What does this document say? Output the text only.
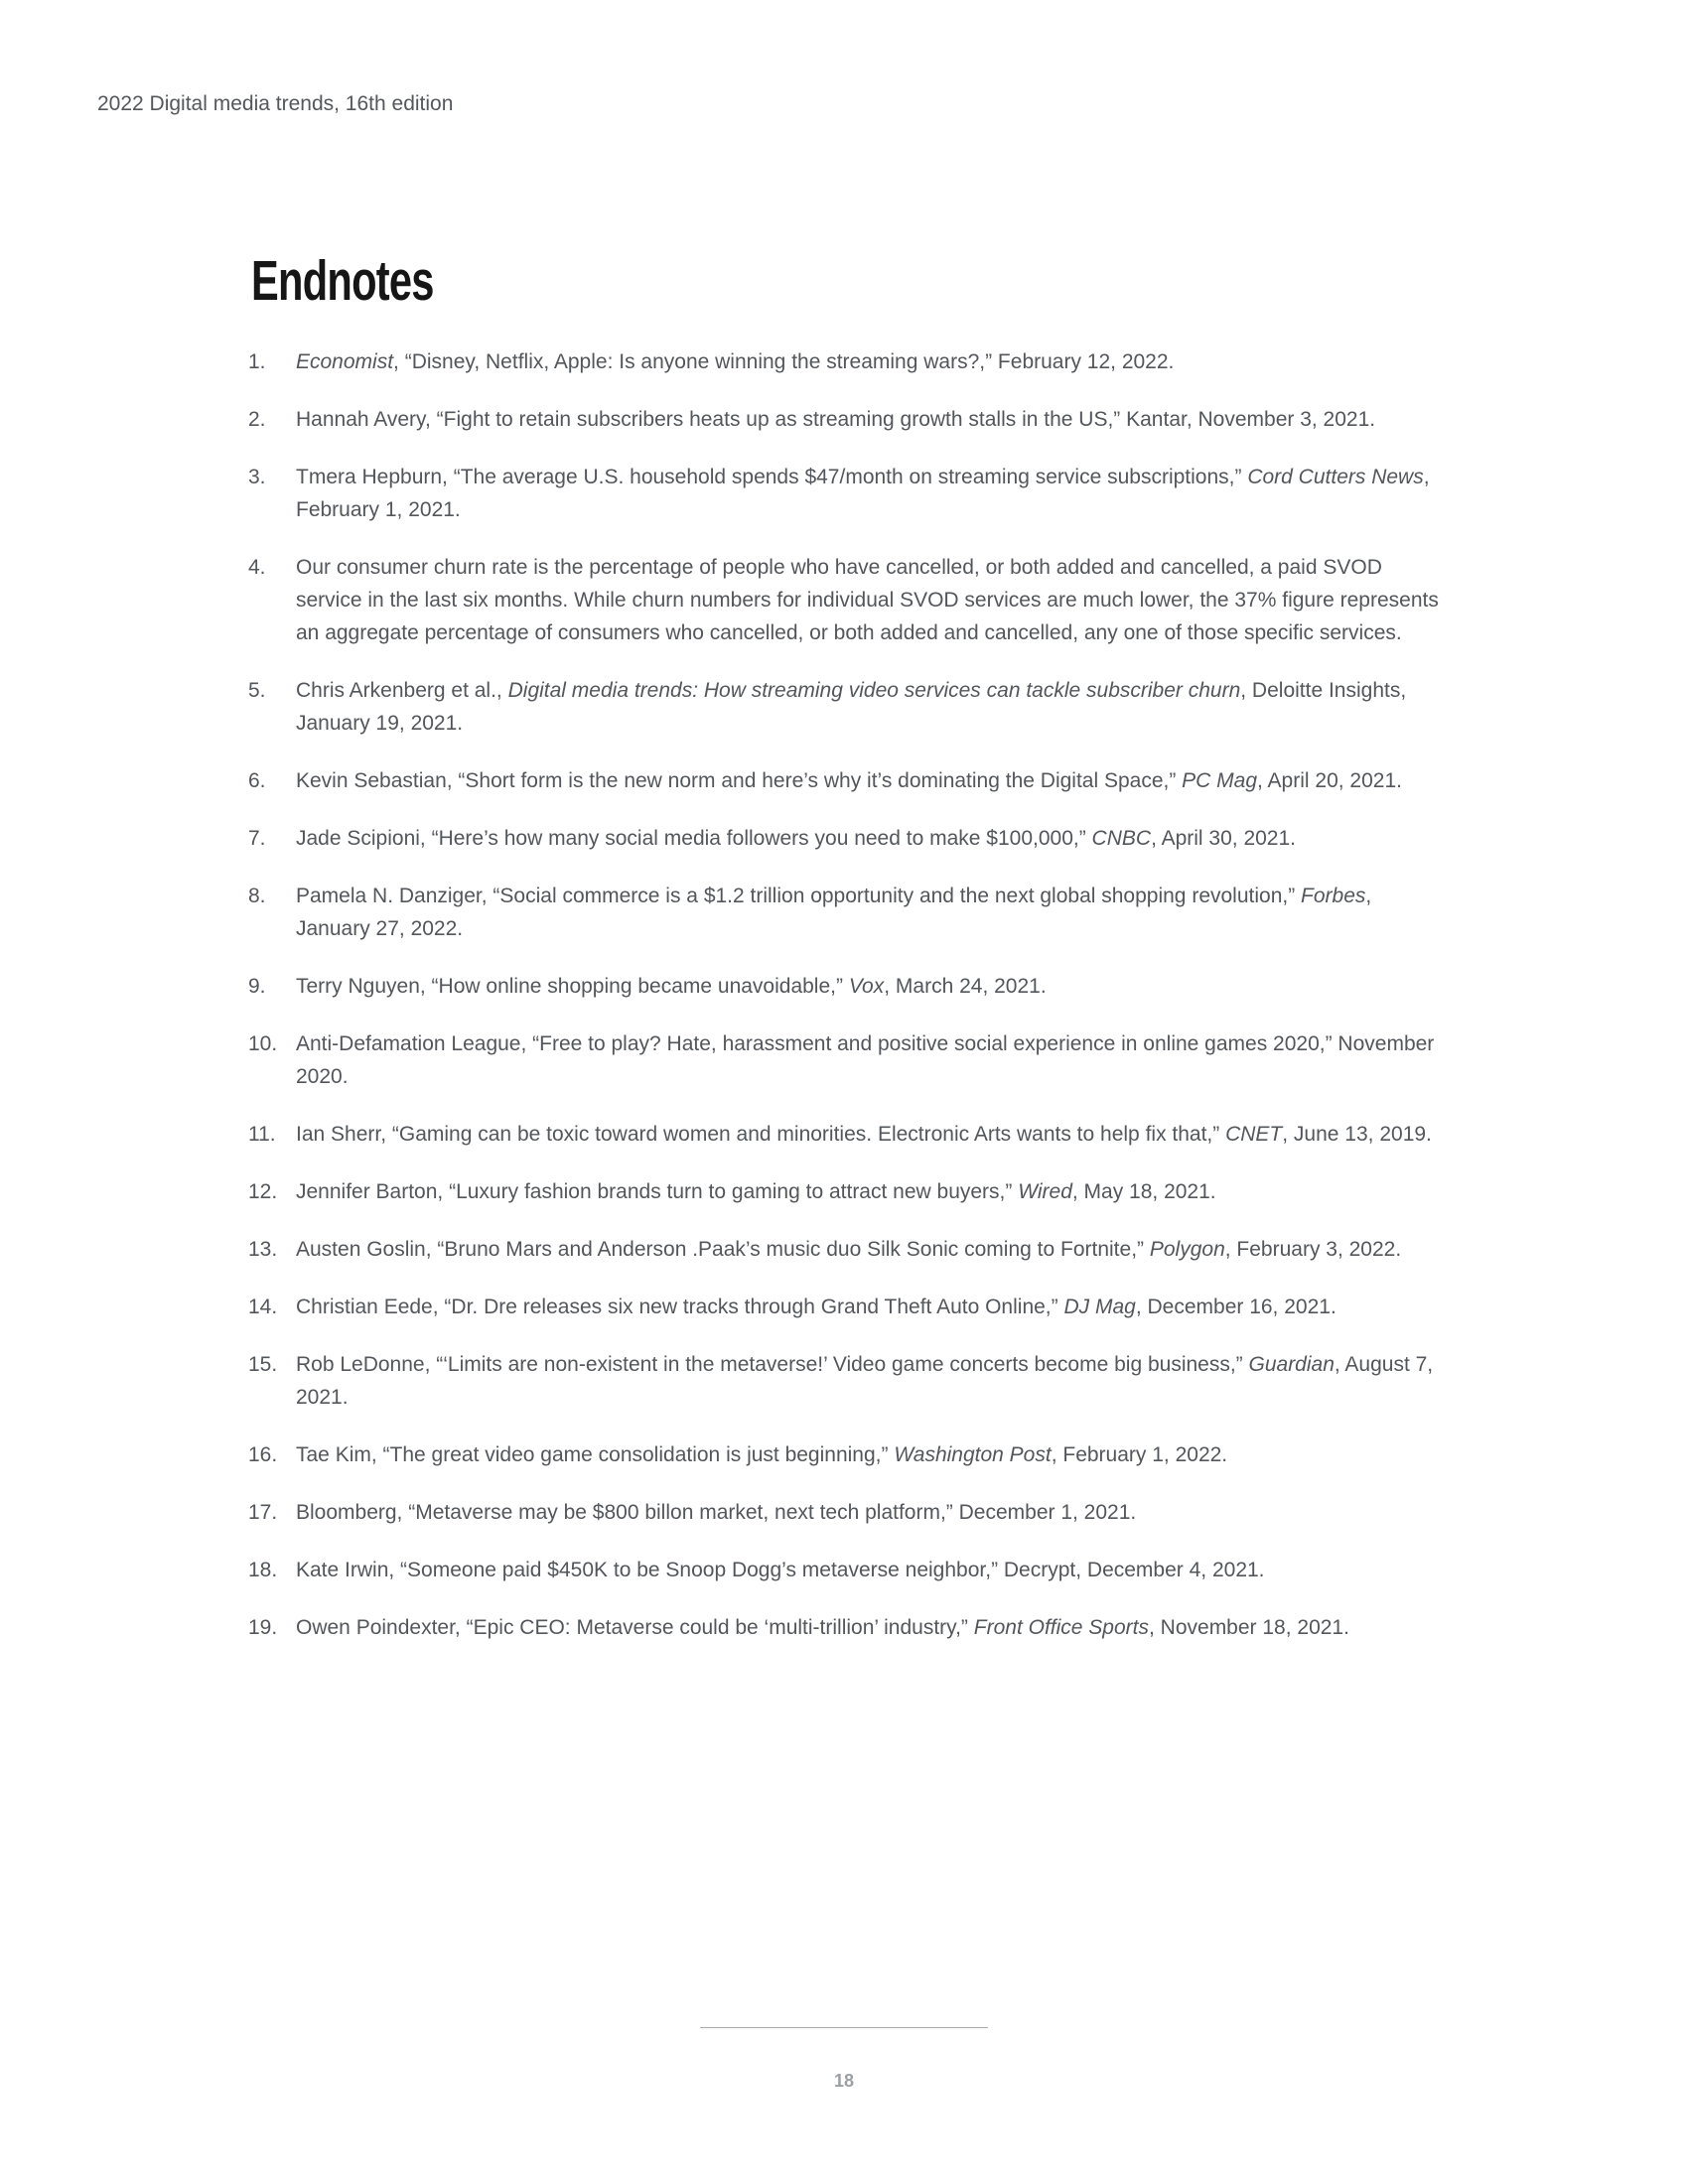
2022 Digital media trends, 16th edition
Endnotes
1.	Economist, “Disney, Netflix, Apple: Is anyone winning the streaming wars?,” February 12, 2022.
2.	Hannah Avery, “Fight to retain subscribers heats up as streaming growth stalls in the US,” Kantar, November 3, 2021.
3.	Tmera Hepburn, “The average U.S. household spends $47/month on streaming service subscriptions,” Cord Cutters News, February 1, 2021.
4.	Our consumer churn rate is the percentage of people who have cancelled, or both added and cancelled, a paid SVOD service in the last six months. While churn numbers for individual SVOD services are much lower, the 37% figure represents an aggregate percentage of consumers who cancelled, or both added and cancelled, any one of those specific services.
5.	Chris Arkenberg et al., Digital media trends: How streaming video services can tackle subscriber churn, Deloitte Insights, January 19, 2021.
6.	Kevin Sebastian, “Short form is the new norm and here’s why it’s dominating the Digital Space,” PC Mag, April 20, 2021.
7.	Jade Scipioni, “Here’s how many social media followers you need to make $100,000,” CNBC, April 30, 2021.
8.	Pamela N. Danziger, “Social commerce is a $1.2 trillion opportunity and the next global shopping revolution,” Forbes, January 27, 2022.
9.	Terry Nguyen, “How online shopping became unavoidable,” Vox, March 24, 2021.
10. Anti-Defamation League, “Free to play? Hate, harassment and positive social experience in online games 2020,” November 2020.
11. Ian Sherr, “Gaming can be toxic toward women and minorities. Electronic Arts wants to help fix that,” CNET, June 13, 2019.
12. Jennifer Barton, “Luxury fashion brands turn to gaming to attract new buyers,” Wired, May 18, 2021.
13. Austen Goslin, “Bruno Mars and Anderson .Paak’s music duo Silk Sonic coming to Fortnite,” Polygon, February 3, 2022.
14. Christian Eede, “Dr. Dre releases six new tracks through Grand Theft Auto Online,” DJ Mag, December 16, 2021.
15. Rob LeDonne, “‘Limits are non-existent in the metaverse!’ Video game concerts become big business,” Guardian, August 7, 2021.
16. Tae Kim, “The great video game consolidation is just beginning,” Washington Post, February 1, 2022.
17. Bloomberg, “Metaverse may be $800 billon market, next tech platform,” December 1, 2021.
18. Kate Irwin, “Someone paid $450K to be Snoop Dogg’s metaverse neighbor,” Decrypt, December 4, 2021.
19. Owen Poindexter, “Epic CEO: Metaverse could be ‘multi-trillion’ industry,” Front Office Sports, November 18, 2021.
18
